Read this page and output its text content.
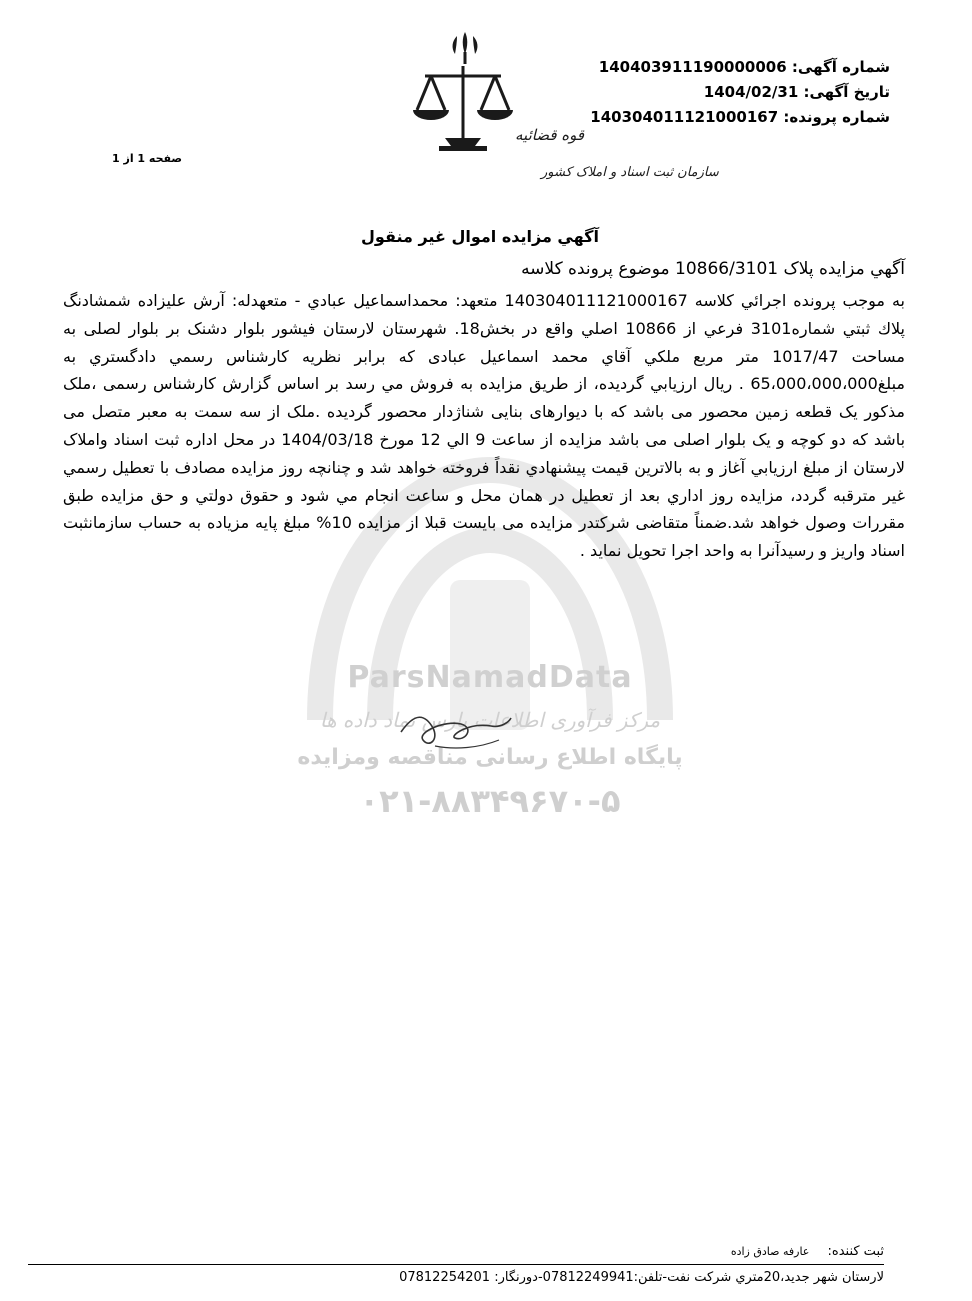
ParsNamadData
مرکز فرآوری اطلاعات پارس نماد داده ها
پایگاه اطلاع رسانی مناقصه ومزایده
۰۲۱-۸۸۳۴۹۶۷۰-۵
شماره آگهی: 140403911190000006
تاریخ آگهی: 1404/02/31
شماره پرونده: 140304011121000167
صفحه 1 از 1
قوه قضائیه
سازمان ثبت اسناد و املاک کشور
آگهي مزايده اموال غير منقول
آگهي مزايده پلاک 10866/3101 موضوع پرونده کلاسه
به موجب پرونده اجرائي کلاسه 140304011121000167 متعهد: محمداسماعیل عبادي - متعهدله: آرش علیزاده شمشادنگ پلاك ثبتي شماره3101 فرعي از 10866 اصلي واقع در بخش18. شهرستان لارستان فیشور بلوار دشنک بر بلوار لصلی به مساحت 1017/47 متر مربع ملكي آقاي محمد اسماعیل عبادی که برابر نظریه کارشناس رسمي دادگستري به مبلغ65،000،000،000 . ريال ارزيابي گرديده، از طريق مزايده به فروش مي رسد بر اساس گزارش کارشناس رسمی ،ملک مذکور یک قطعه زمین محصور می باشد که با دیوارهای بنایی شناژدار محصور گردیده .ملک از سه سمت به معبر متصل می باشد که دو کوچه و یک بلوار اصلی می باشد مزايده از ساعت 9 الي 12 مورخ 1404/03/18 در محل اداره ثبت اسناد واملاک لارستان از مبلغ ارزيابي آغاز و به بالاترين قيمت پيشنهادي نقداً فروخته خواهد شد و چنانچه روز مزايده مصادف با تعطيل رسمي غير مترقبه گردد، مزايده روز اداري بعد از تعطيل در همان محل و ساعت انجام مي شود و حقوق دولتي و حق مزايده طبق مقررات وصول خواهد شد.ضمناً متقاضی شرکتدر مزایده می بایست قبلا از مزایده 10% مبلغ پایه مزیاده به حساب سازمانثبت اسناد واریز و رسیدآنرا به واحد اجرا تحویل نماید .
ثبت کننده: عارفه صادق زاده
لارستان شهر جديد،20متري شركت نفت-تلفن:07812249941-دورنگار: 07812254201
